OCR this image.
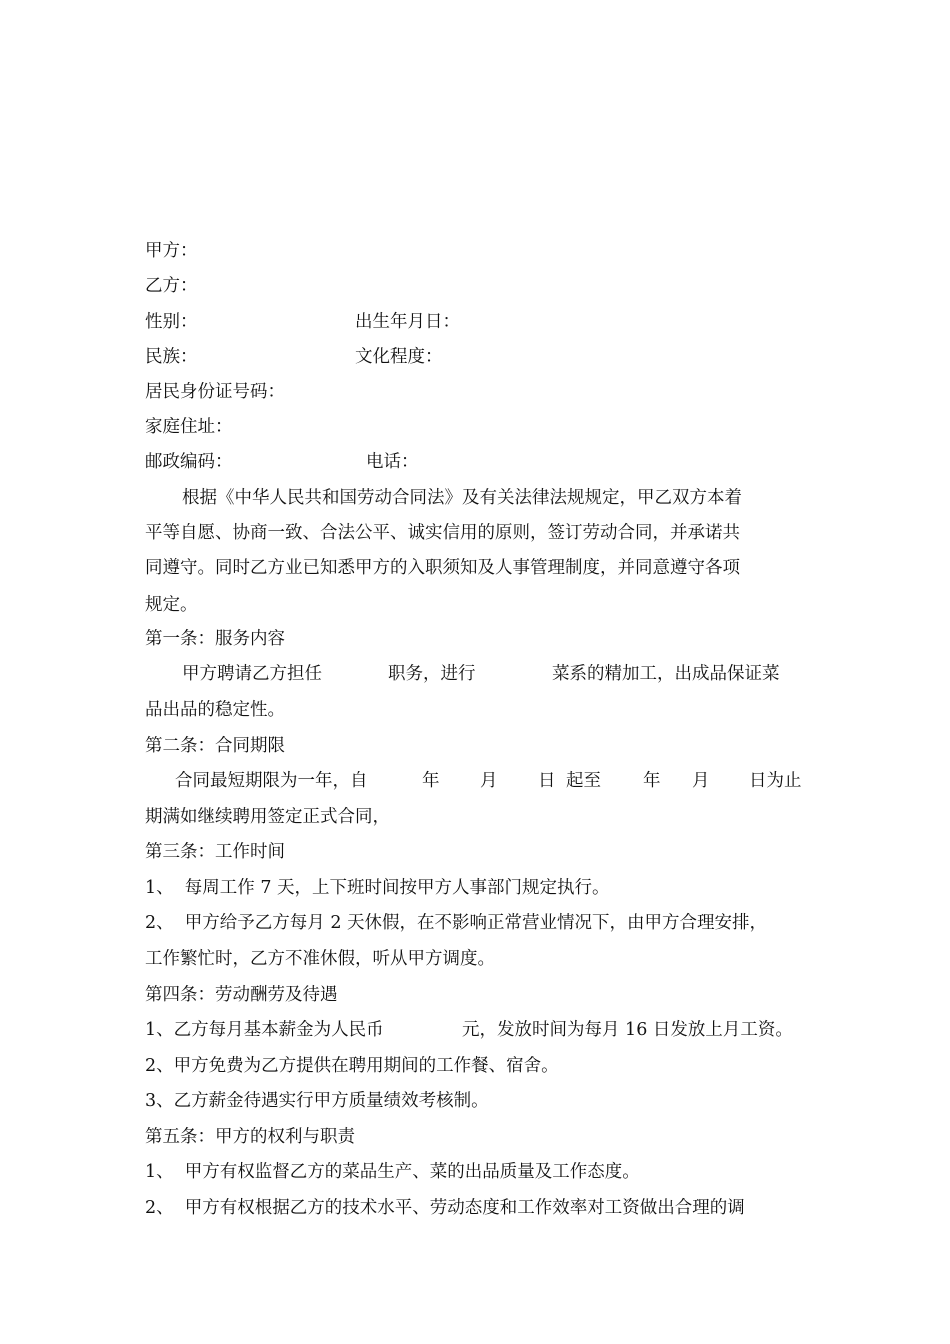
甲方：
乙方：
性别：	出生年月日：
民族：	文化程度：
居民身份证号码：
家庭住址：
邮政编码：	电话：
根据《中华人民共和国劳动合同法》及有关法律法规规定，甲乙双方本着
平等自愿、协商一致、合法公平、诚实信用的原则，签订劳动合同，并承诺共
同遵守。同时乙方业已知悉甲方的入职须知及人事管理制度，并同意遵守各项
规定。
第一条：服务内容
甲方聘请乙方担任	职务，进行	菜系的精加工，出成品保证菜
品出品的稳定性。
第二条：合同期限
合同最短期限为一年，自	年 月 日 起至 年 月 日为止
期满如继续聘用签定正式合同，
第三条：工作时间
1、  每周工作 7 天，上下班时间按甲方人事部门规定执行。
2、  甲方给予乙方每月 2 天休假，在不影响正常营业情况下，由甲方合理安排，
工作繁忙时，乙方不准休假，听从甲方调度。
第四条：劳动酬劳及待遇
1、乙方每月基本薪金为人民币	元，发放时间为每月 16 日发放上月工资。
2、甲方免费为乙方提供在聘用期间的工作餐、宿舍。
3、乙方薪金待遇实行甲方质量绩效考核制。
第五条：甲方的权利与职责
1、  甲方有权监督乙方的菜品生产、菜的出品质量及工作态度。
2、  甲方有权根据乙方的技术水平、劳动态度和工作效率对工资做出合理的调
